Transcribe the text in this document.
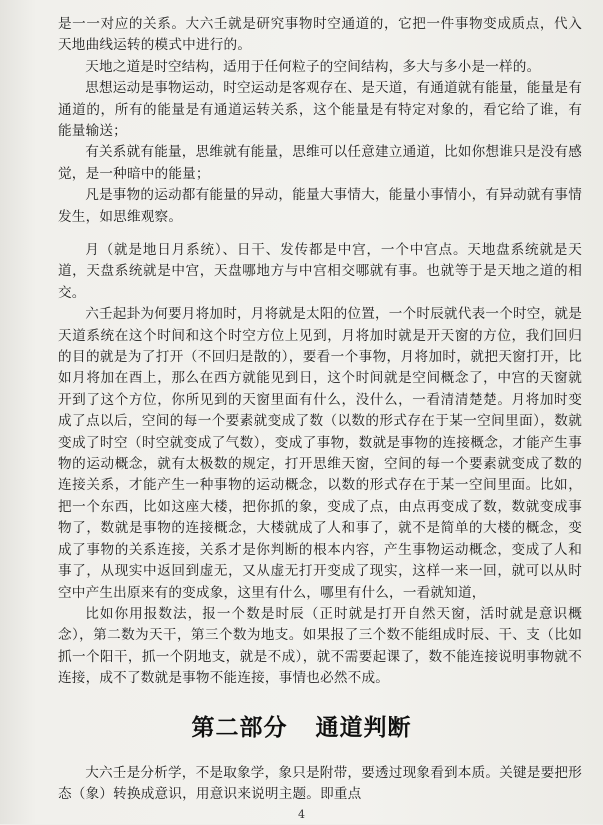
是一一对应的关系。大六壬就是研究事物时空通道的，它把一件事物变成质点，代入天地曲线运转的模式中进行的。

天地之道是时空结构，适用于任何粒子的空间结构，多大与多小是一样的。

思想运动是事物运动，时空运动是客观存在、是天道，有通道就有能量，能量是有通道的，所有的能量是有通道运转关系，这个能量是有特定对象的，看它给了谁，有能量输送；

有关系就有能量，思维就有能量，思维可以任意建立通道，比如你想谁只是没有感觉，是一种暗中的能量；

凡是事物的运动都有能量的异动，能量大事情大，能量小事情小，有异动就有事情发生，如思维观察。

月（就是地日月系统）、日干、发传都是中宫，一个中宫点。天地盘系统就是天道，天盘系统就是中宫，天盘哪地方与中宫相交哪就有事。也就等于是天地之道的相交。

六壬起卦为何要月将加时，月将就是太阳的位置，一个时辰就代表一个时空，就是天道系统在这个时间和这个时空方位上见到，月将加时就是开天窗的方位，我们回归的目的就是为了打开（不回归是散的），要看一个事物，月将加时，就把天窗打开，比如月将加在酉上，那么在西方就能见到日，这个时间就是空间概念了，中宫的天窗就开到了这个方位，你所见到的天窗里面有什么，没什么，一看清清楚楚。月将加时变成了点以后，空间的每一个要素就变成了数（以数的形式存在于某一空间里面），数就变成了时空（时空就变成了气数），变成了事物，数就是事物的连接概念，才能产生事物的运动概念，就有太极数的规定，打开思维天窗，空间的每一个要素就变成了数的连接关系，才能产生一种事物的运动概念，以数的形式存在于某一空间里面。比如，把一个东西，比如这座大楼，把你抓的象，变成了点，由点再变成了数，数就变成事物了，数就是事物的连接概念，大楼就成了人和事了，就不是简单的大楼的概念，变成了事物的关系连接，关系才是你判断的根本内容，产生事物运动概念，变成了人和事了，从现实中返回到虚无，又从虚无打开变成了现实，这样一来一回，就可以从时空中产生出原来有的变成象，这里有什么，哪里有什么，一看就知道，

比如你用报数法，报一个数是时辰（正时就是打开自然天窗，活时就是意识概念），第二数为天干，第三个数为地支。如果报了三个数不能组成时辰、干、支（比如抓一个阳干，抓一个阴地支，就是不成），就不需要起课了，数不能连接说明事物就不连接，成不了数就是事物不能连接，事情也必然不成。

第二部分 通道判断

大六壬是分析学，不是取象学，象只是附带，要透过现象看到本质。关键是要把形态（象）转换成意识，用意识来说明主题。即重点

4
